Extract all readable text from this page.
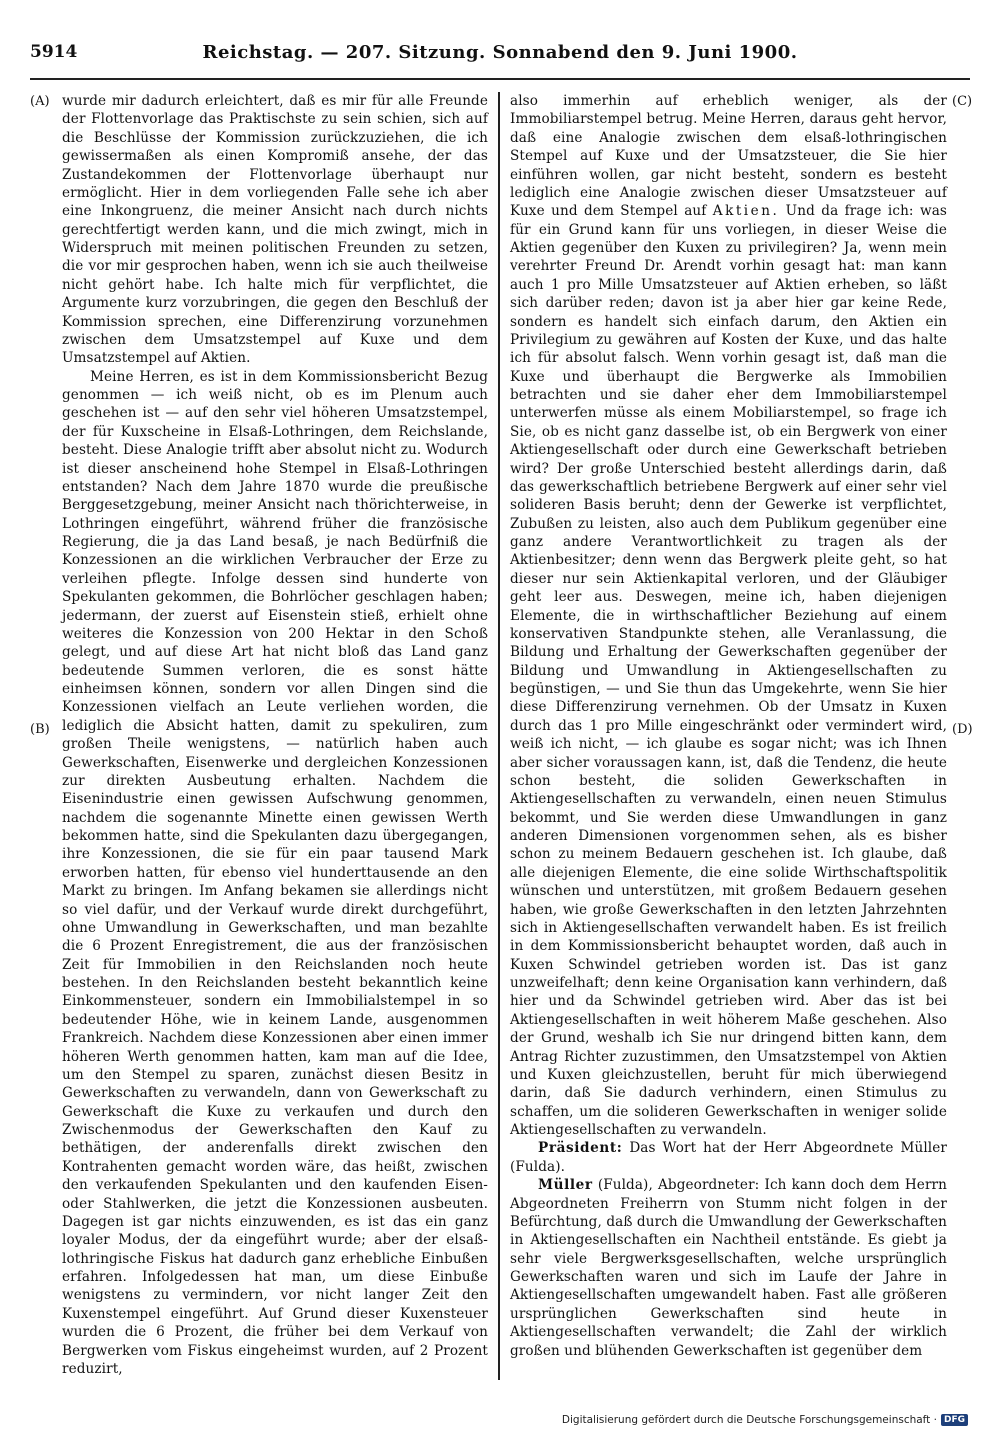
5914	Reichstag. — 207. Sitzung. Sonnabend den 9. Juni 1900.
(A)
(B)
(C)
(D)

wurde mir dadurch erleichtert, daß es mir für alle Freunde der Flottenvorlage das Praktischste zu sein schien, sich auf die Beschlüsse der Kommission zurückzuziehen, die ich gewissermaßen als einen Kompromiß ansehe, der das Zustandekommen der Flottenvorlage überhaupt nur ermöglicht. Hier in dem vorliegenden Falle sehe ich aber eine Inkongruenz, die meiner Ansicht nach durch nichts gerechtfertigt werden kann, und die mich zwingt, mich in Widerspruch mit meinen politischen Freunden zu setzen, die vor mir gesprochen haben, wenn ich sie auch theilweise nicht gehört habe. Ich halte mich für verpflichtet, die Argumente kurz vorzubringen, die gegen den Beschluß der Kommission sprechen, eine Differenzirung vorzunehmen zwischen dem Umsatzstempel auf Kuxe und dem Umsatzstempel auf Aktien.

Meine Herren, es ist in dem Kommissionsbericht Bezug genommen — ich weiß nicht, ob es im Plenum auch geschehen ist — auf den sehr viel höheren Umsatzstempel, der für Kuxscheine in Elsaß-Lothringen, dem Reichslande, besteht. Diese Analogie trifft aber absolut nicht zu. Wodurch ist dieser anscheinend hohe Stempel in Elsaß-Lothringen entstanden? Nach dem Jahre 1870 wurde die preußische Berggesetzgebung, meiner Ansicht nach thörichterweise, in Lothringen eingeführt, während früher die französische Regierung, die ja das Land besaß, je nach Bedürfniß die Konzessionen an die wirklichen Verbraucher der Erze zu verleihen pflegte. Infolge dessen sind hunderte von Spekulanten gekommen, die Bohrlöcher geschlagen haben; jedermann, der zuerst auf Eisenstein stieß, erhielt ohne weiteres die Konzession von 200 Hektar in den Schoß gelegt, und auf diese Art hat nicht bloß das Land ganz bedeutende Summen verloren, die es sonst hätte einheimsen können, sondern vor allen Dingen sind die Konzessionen vielfach an Leute verliehen worden, die lediglich die Absicht hatten, damit zu spekuliren, zum großen Theile wenigstens, — natürlich haben auch Gewerkschaften, Eisenwerke und dergleichen Konzessionen zur direkten Ausbeutung erhalten. Nachdem die Eisenindustrie einen gewissen Aufschwung genommen, nachdem die sogenannte Minette einen gewissen Werth bekommen hatte, sind die Spekulanten dazu übergegangen, ihre Konzessionen, die sie für ein paar tausend Mark erworben hatten, für ebenso viel hunderttausende an den Markt zu bringen. Im Anfang bekamen sie allerdings nicht so viel dafür, und der Verkauf wurde direkt durchgeführt, ohne Umwandlung in Gewerkschaften, und man bezahlte die 6 Prozent Enregistrement, die aus der französischen Zeit für Immobilien in den Reichslanden noch heute bestehen. In den Reichslanden besteht bekanntlich keine Einkommensteuer, sondern ein Immobilialstempel in so bedeutender Höhe, wie in keinem Lande, ausgenommen Frankreich. Nachdem diese Konzessionen aber einen immer höheren Werth genommen hatten, kam man auf die Idee, um den Stempel zu sparen, zunächst diesen Besitz in Gewerkschaften zu verwandeln, dann von Gewerkschaft zu Gewerkschaft die Kuxe zu verkaufen und durch den Zwischenmodus der Gewerkschaften den Kauf zu bethätigen, der anderenfalls direkt zwischen den Kontrahenten gemacht worden wäre, das heißt, zwischen den verkaufenden Spekulanten und den kaufenden Eisen- oder Stahlwerken, die jetzt die Konzessionen ausbeuten. Dagegen ist gar nichts einzuwenden, es ist das ein ganz loyaler Modus, der da eingeführt wurde; aber der elsaß-lothringische Fiskus hat dadurch ganz erhebliche Einbußen erfahren. Infolgedessen hat man, um diese Einbuße wenigstens zu vermindern, vor nicht langer Zeit den Kuxenstempel eingeführt. Auf Grund dieser Kuxensteuer wurden die 6 Prozent, die früher bei dem Verkauf von Bergwerken vom Fiskus eingeheimst wurden, auf 2 Prozent reduzirt,

also immerhin auf erheblich weniger, als der Immobiliarstempel betrug. Meine Herren, daraus geht hervor, daß eine Analogie zwischen dem elsaß-lothringischen Stempel auf Kuxe und der Umsatzsteuer, die Sie hier einführen wollen, gar nicht besteht, sondern es besteht lediglich eine Analogie zwischen dieser Umsatzsteuer auf Kuxe und dem Stempel auf Aktien. Und da frage ich: was für ein Grund kann für uns vorliegen, in dieser Weise die Aktien gegenüber den Kuxen zu privilegiren? Ja, wenn mein verehrter Freund Dr. Arendt vorhin gesagt hat: man kann auch 1 pro Mille Umsatzsteuer auf Aktien erheben, so läßt sich darüber reden; davon ist ja aber hier gar keine Rede, sondern es handelt sich einfach darum, den Aktien ein Privilegium zu gewähren auf Kosten der Kuxe, und das halte ich für absolut falsch. Wenn vorhin gesagt ist, daß man die Kuxe und überhaupt die Bergwerke als Immobilien betrachten und sie daher eher dem Immobiliarstempel unterwerfen müsse als einem Mobiliarstempel, so frage ich Sie, ob es nicht ganz dasselbe ist, ob ein Bergwerk von einer Aktiengesellschaft oder durch eine Gewerkschaft betrieben wird? Der große Unterschied besteht allerdings darin, daß das gewerkschaftlich betriebene Bergwerk auf einer sehr viel solideren Basis beruht; denn der Gewerke ist verpflichtet, Zubußen zu leisten, also auch dem Publikum gegenüber eine ganz andere Verantwortlichkeit zu tragen als der Aktienbesitzer; denn wenn das Bergwerk pleite geht, so hat dieser nur sein Aktienkapital verloren, und der Gläubiger geht leer aus. Deswegen, meine ich, haben diejenigen Elemente, die in wirthschaftlicher Beziehung auf einem konservativen Standpunkte stehen, alle Veranlassung, die Bildung und Erhaltung der Gewerkschaften gegenüber der Bildung und Umwandlung in Aktiengesellschaften zu begünstigen, — und Sie thun das Umgekehrte, wenn Sie hier diese Differenzirung vernehmen. Ob der Umsatz in Kuxen durch das 1 pro Mille eingeschränkt oder vermindert wird, weiß ich nicht, — ich glaube es sogar nicht; was ich Ihnen aber sicher voraussagen kann, ist, daß die Tendenz, die heute schon besteht, die soliden Gewerkschaften in Aktiengesellschaften zu verwandeln, einen neuen Stimulus bekommt, und Sie werden diese Umwandlungen in ganz anderen Dimensionen vorgenommen sehen, als es bisher schon zu meinem Bedauern geschehen ist. Ich glaube, daß alle diejenigen Elemente, die eine solide Wirthschaftspolitik wünschen und unterstützen, mit großem Bedauern gesehen haben, wie große Gewerkschaften in den letzten Jahrzehnten sich in Aktiengesellschaften verwandelt haben. Es ist freilich in dem Kommissionsbericht behauptet worden, daß auch in Kuxen Schwindel getrieben worden ist. Das ist ganz unzweifelhaft; denn keine Organisation kann verhindern, daß hier und da Schwindel getrieben wird. Aber das ist bei Aktiengesellschaften in weit höherem Maße geschehen. Also der Grund, weshalb ich Sie nur dringend bitten kann, dem Antrag Richter zuzustimmen, den Umsatzstempel von Aktien und Kuxen gleichzustellen, beruht für mich überwiegend darin, daß Sie dadurch verhindern, einen Stimulus zu schaffen, um die solideren Gewerkschaften in weniger solide Aktiengesellschaften zu verwandeln.

Präsident: Das Wort hat der Herr Abgeordnete Müller (Fulda).

Müller (Fulda), Abgeordneter: Ich kann doch dem Herrn Abgeordneten Freiherrn von Stumm nicht folgen in der Befürchtung, daß durch die Umwandlung der Gewerkschaften in Aktiengesellschaften ein Nachtheil entstände. Es giebt ja sehr viele Bergwerksgesellschaften, welche ursprünglich Gewerkschaften waren und sich im Laufe der Jahre in Aktiengesellschaften umgewandelt haben. Fast alle größeren ursprünglichen Gewerkschaften sind heute in Aktiengesellschaften verwandelt; die Zahl der wirklich großen und blühenden Gewerkschaften ist gegenüber dem

Digitalisierung gefördert durch die Deutsche Forschungsgemeinschaft · DFG
